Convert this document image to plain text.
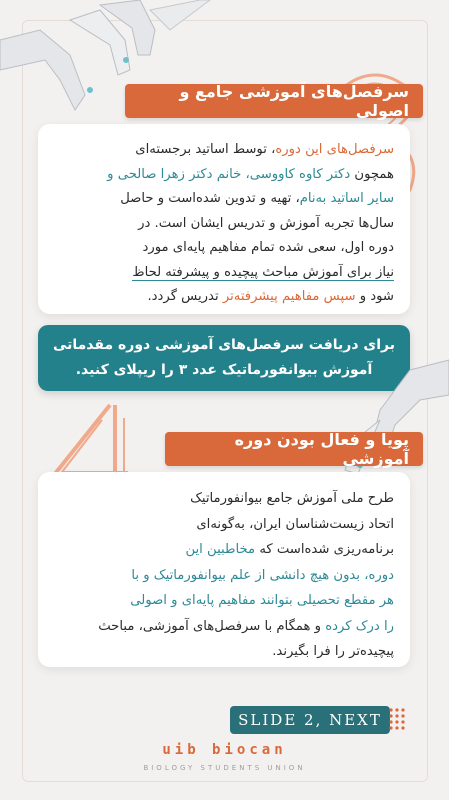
سرفصل‌های آموزشی جامع و اصولی
سرفصل‌های این دوره، توسط اساتید برجسته‌ای
همچون دکتر کاوه کاووسی، خانم دکتر زهرا صالحی و
سایر اساتید به‌نام، تهیه و تدوین شده‌است و حاصل
سال‌ها تجربه آموزش و تدریس ایشان است. در
دوره اول، سعی شده تمام مفاهیم پایه‌ای مورد
نیاز برای آموزش مباحث پیچیده و پیشرفته لحاظ
شود و سپس مفاهیم پیشرفته‌تر تدریس گردد.
برای دریافت سرفصل‌های آموزشی دوره مقدماتی
آموزش بیوانفورماتیک عدد ۳ را ریپلای کنید.
پویا و فعال بودن دوره آموزشی
طرح ملی آموزش جامع بیوانفورماتیک
اتحاد زیست‌شناسان ایران، به‌گونه‌ای
برنامه‌ریزی شده‌است که مخاطبین این
دوره، بدون هیچ دانشی از علم بیوانفورماتیک و با
هر مقطع تحصیلی بتوانند مفاهیم پایه‌ای و اصولی
را درک کرده و همگام با سرفصل‌های آموزشی، مباحث
پیچیده‌تر را فرا بگیرند.
SLIDE 2, NEXT
uib biocan
BIOLOGY STUDENTS UNION
